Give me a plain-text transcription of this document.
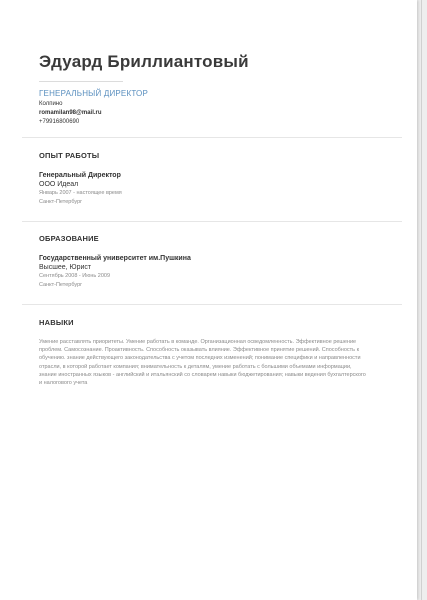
Эдуард Бриллиантовый
ГЕНЕРАЛЬНЫЙ ДИРЕКТОР
Колпино
romamilan98@mail.ru
+79916800690
ОПЫТ РАБОТЫ
Генеральный Директор
ООО Идеал
Январь 2007 - настоящее время
Санкт-Петербург
ОБРАЗОВАНИЕ
Государственный университет им.Пушкина
Высшее, Юрист
Сентябрь 2008 - Июнь 2009
Санкт-Петербург
НАВЫКИ
Умение расставлять приоритеты. Умение работать в команде. Организационная осведомленность. Эффективное решение проблем. Самосознание. Проактивность. Способность оказывать влияние. Эффективное принятие решений. Способность к обучению. знание действующего законодательства с учетом последних изменений; понимание специфики и направленности отрасли, в которой работает компания; внимательность к деталям, умение работать с большими объемами информации, знание иностранных языков - английский и итальянский со словарем навыки бюджетирования; навыки ведения бухгалтерского и налогового учета
